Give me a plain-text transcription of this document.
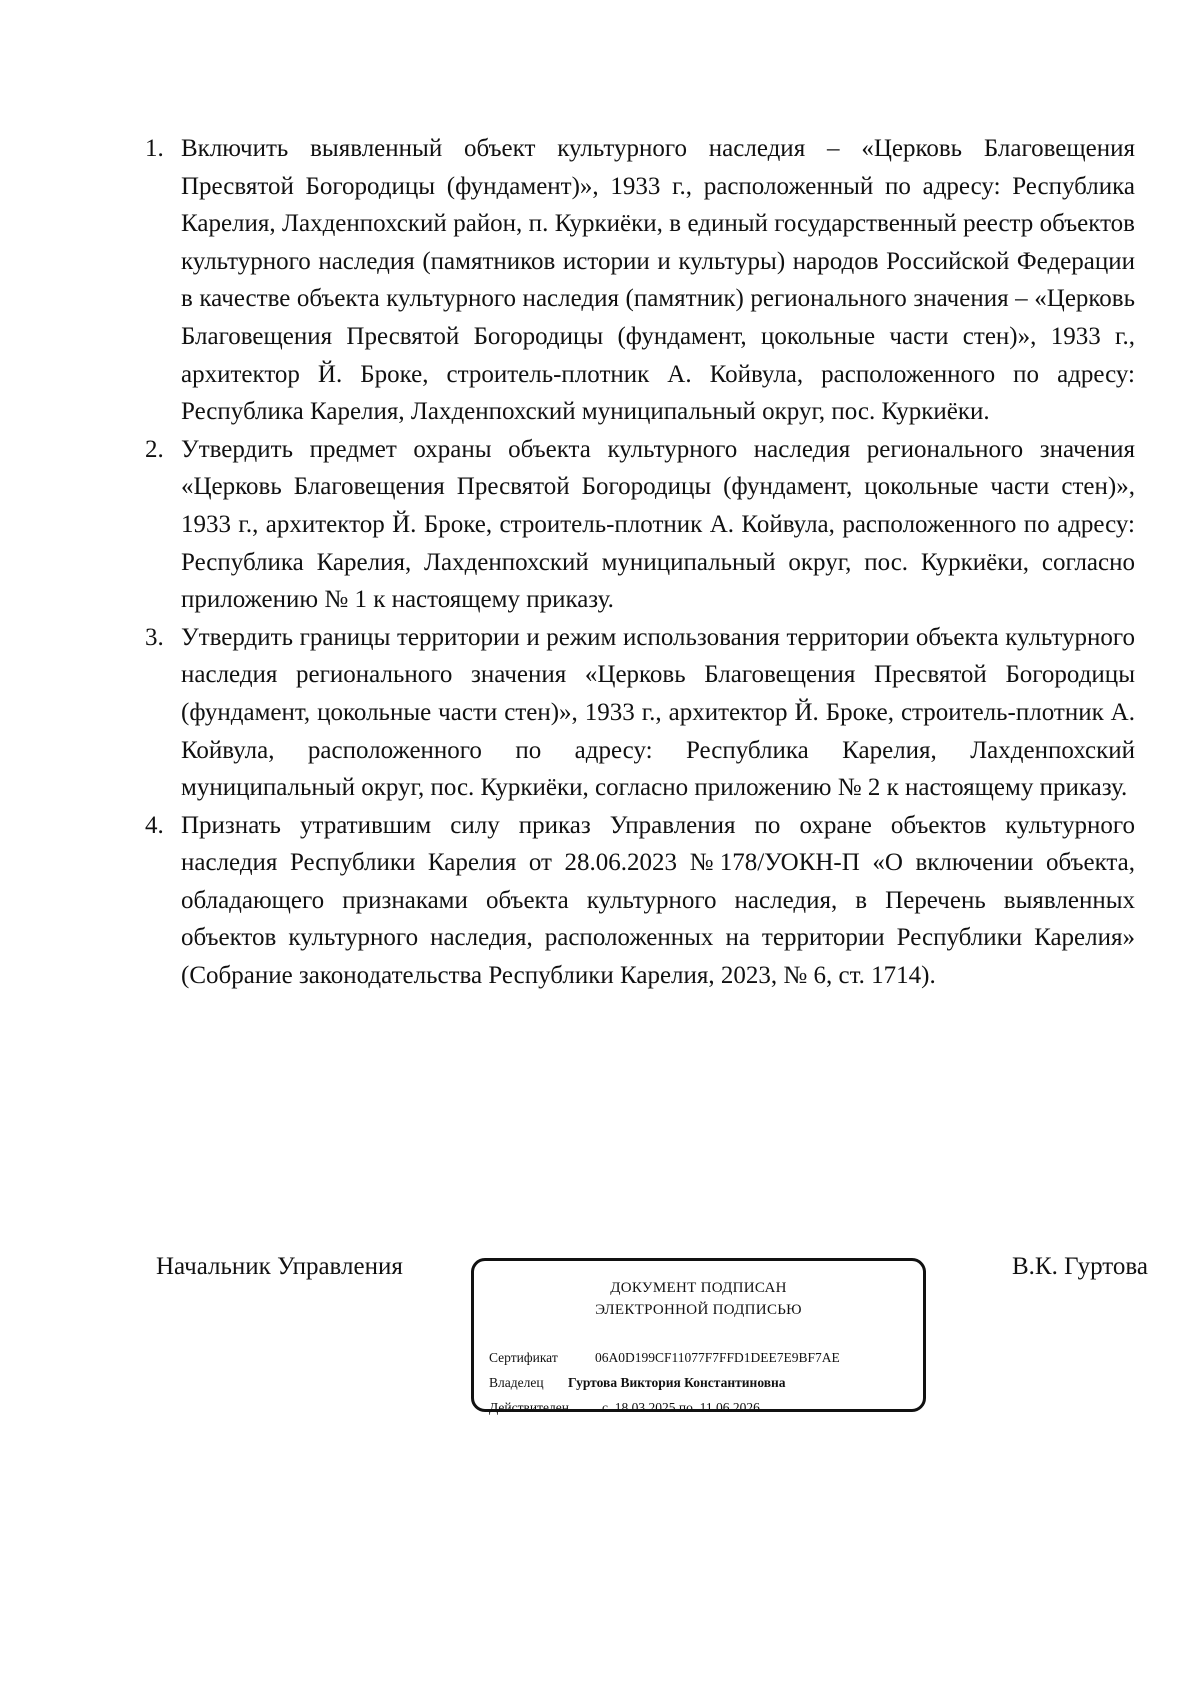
1. Включить выявленный объект культурного наследия – «Церковь Благовещения Пресвятой Богородицы (фундамент)», 1933 г., расположенный по адресу: Республика Карелия, Лахденпохский район, п. Куркиёки, в единый государственный реестр объектов культурного наследия (памятников истории и культуры) народов Российской Федерации в качестве объекта культурного наследия (памятник) регионального значения – «Церковь Благовещения Пресвятой Богородицы (фундамент, цокольные части стен)», 1933 г., архитектор Й. Броке, строитель-плотник А. Койвула, расположенного по адресу: Республика Карелия, Лахденпохский муниципальный округ, пос. Куркиёки.
2. Утвердить предмет охраны объекта культурного наследия регионального значения «Церковь Благовещения Пресвятой Богородицы (фундамент, цокольные части стен)», 1933 г., архитектор Й. Броке, строитель-плотник А. Койвула, расположенного по адресу: Республика Карелия, Лахденпохский муниципальный округ, пос. Куркиёки, согласно приложению № 1 к настоящему приказу.
3. Утвердить границы территории и режим использования территории объекта культурного наследия регионального значения «Церковь Благовещения Пресвятой Богородицы (фундамент, цокольные части стен)», 1933 г., архитектор Й. Броке, строитель-плотник А. Койвула, расположенного по адресу: Республика Карелия, Лахденпохский муниципальный округ, пос. Куркиёки, согласно приложению № 2 к настоящему приказу.
4. Признать утратившим силу приказ Управления по охране объектов культурного наследия Республики Карелия от 28.06.2023 №178/УОКН-П «О включении объекта, обладающего признаками объекта культурного наследия, в Перечень выявленных объектов культурного наследия, расположенных на территории Республики Карелия» (Собрание законодательства Республики Карелия, 2023, № 6, ст. 1714).
Начальник Управления
ДОКУМЕНТ ПОДПИСАН
ЭЛЕКТРОННОЙ ПОДПИСЬЮ
Сертификат	06A0D199CF11077F7FFD1DEE7E9BF7AE
Владелец Гуртова Виктория Константиновна
Действителен с  18.03.2025 по  11.06.2026
В.К. Гуртова
